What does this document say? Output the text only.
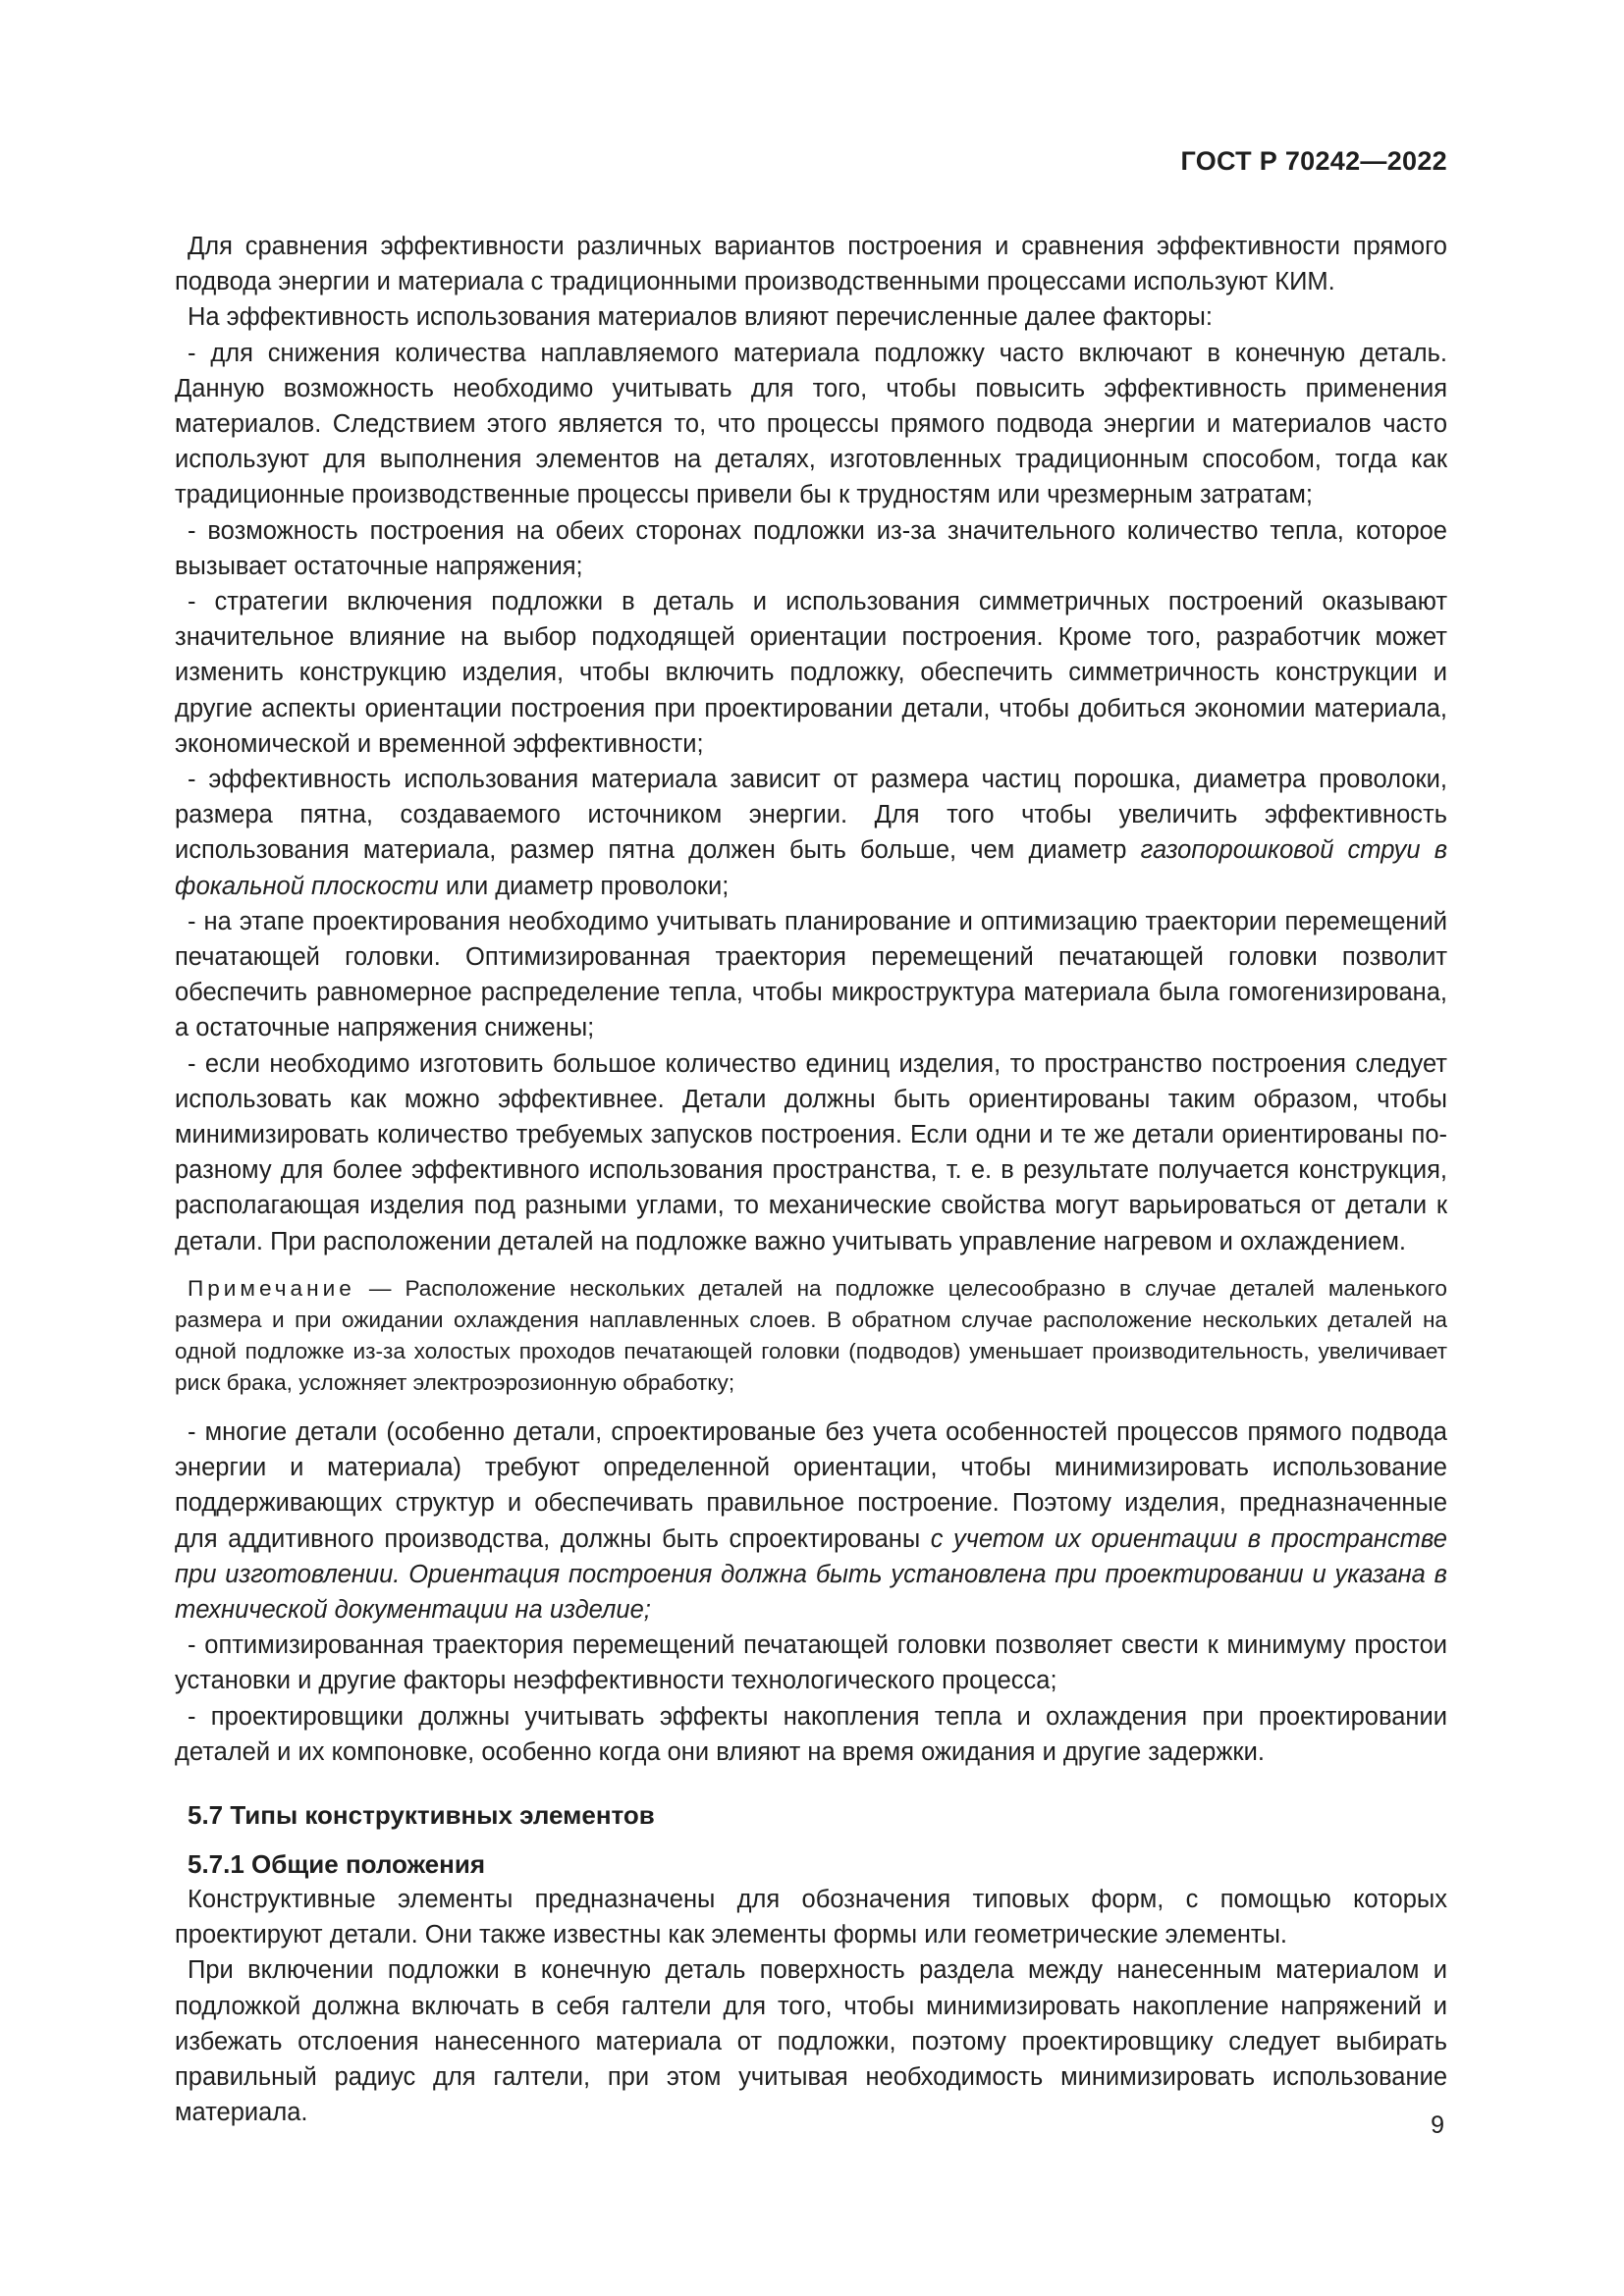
ГОСТ Р 70242—2022

Для сравнения эффективности различных вариантов построения и сравнения эффективности прямого подвода энергии и материала с традиционными производственными процессами используют КИМ.

На эффективность использования материалов влияют перечисленные далее факторы:

- для снижения количества наплавляемого материала подложку часто включают в конечную деталь. Данную возможность необходимо учитывать для того, чтобы повысить эффективность применения материалов. Следствием этого является то, что процессы прямого подвода энергии и материалов часто используют для выполнения элементов на деталях, изготовленных традиционным способом, тогда как традиционные производственные процессы привели бы к трудностям или чрезмерным затратам;

- возможность построения на обеих сторонах подложки из-за значительного количество тепла, которое вызывает остаточные напряжения;

- стратегии включения подложки в деталь и использования симметричных построений оказывают значительное влияние на выбор подходящей ориентации построения. Кроме того, разработчик может изменить конструкцию изделия, чтобы включить подложку, обеспечить симметричность конструкции и другие аспекты ориентации построения при проектировании детали, чтобы добиться экономии материала, экономической и временной эффективности;

- эффективность использования материала зависит от размера частиц порошка, диаметра проволоки, размера пятна, создаваемого источником энергии. Для того чтобы увеличить эффективность использования материала, размер пятна должен быть больше, чем диаметр газопорошковой струи в фокальной плоскости или диаметр проволоки;

- на этапе проектирования необходимо учитывать планирование и оптимизацию траектории перемещений печатающей головки. Оптимизированная траектория перемещений печатающей головки позволит обеспечить равномерное распределение тепла, чтобы микроструктура материала была гомогенизирована, а остаточные напряжения снижены;

- если необходимо изготовить большое количество единиц изделия, то пространство построения следует использовать как можно эффективнее. Детали должны быть ориентированы таким образом, чтобы минимизировать количество требуемых запусков построения. Если одни и те же детали ориентированы по-разному для более эффективного использования пространства, т. е. в результате получается конструкция, располагающая изделия под разными углами, то механические свойства могут варьироваться от детали к детали. При расположении деталей на подложке важно учитывать управление нагревом и охлаждением.

Примечание — Расположение нескольких деталей на подложке целесообразно в случае деталей маленького размера и при ожидании охлаждения наплавленных слоев. В обратном случае расположение нескольких деталей на одной подложке из-за холостых проходов печатающей головки (подводов) уменьшает производительность, увеличивает риск брака, усложняет электроэрозионную обработку;

- многие детали (особенно детали, спроектированые без учета особенностей процессов прямого подвода энергии и материала) требуют определенной ориентации, чтобы минимизировать использование поддерживающих структур и обеспечивать правильное построение. Поэтому изделия, предназначенные для аддитивного производства, должны быть спроектированы с учетом их ориентации в пространстве при изготовлении. Ориентация построения должна быть установлена при проектировании и указана в технической документации на изделие;

- оптимизированная траектория перемещений печатающей головки позволяет свести к минимуму простои установки и другие факторы неэффективности технологического процесса;

- проектировщики должны учитывать эффекты накопления тепла и охлаждения при проектировании деталей и их компоновке, особенно когда они влияют на время ожидания и другие задержки.

5.7 Типы конструктивных элементов
5.7.1 Общие положения

Конструктивные элементы предназначены для обозначения типовых форм, с помощью которых проектируют детали. Они также известны как элементы формы или геометрические элементы.

При включении подложки в конечную деталь поверхность раздела между нанесенным материалом и подложкой должна включать в себя галтели для того, чтобы минимизировать накопление напряжений и избежать отслоения нанесенного материала от подложки, поэтому проектировщику следует выбирать правильный радиус для галтели, при этом учитывая необходимость минимизировать использование материала.	9
